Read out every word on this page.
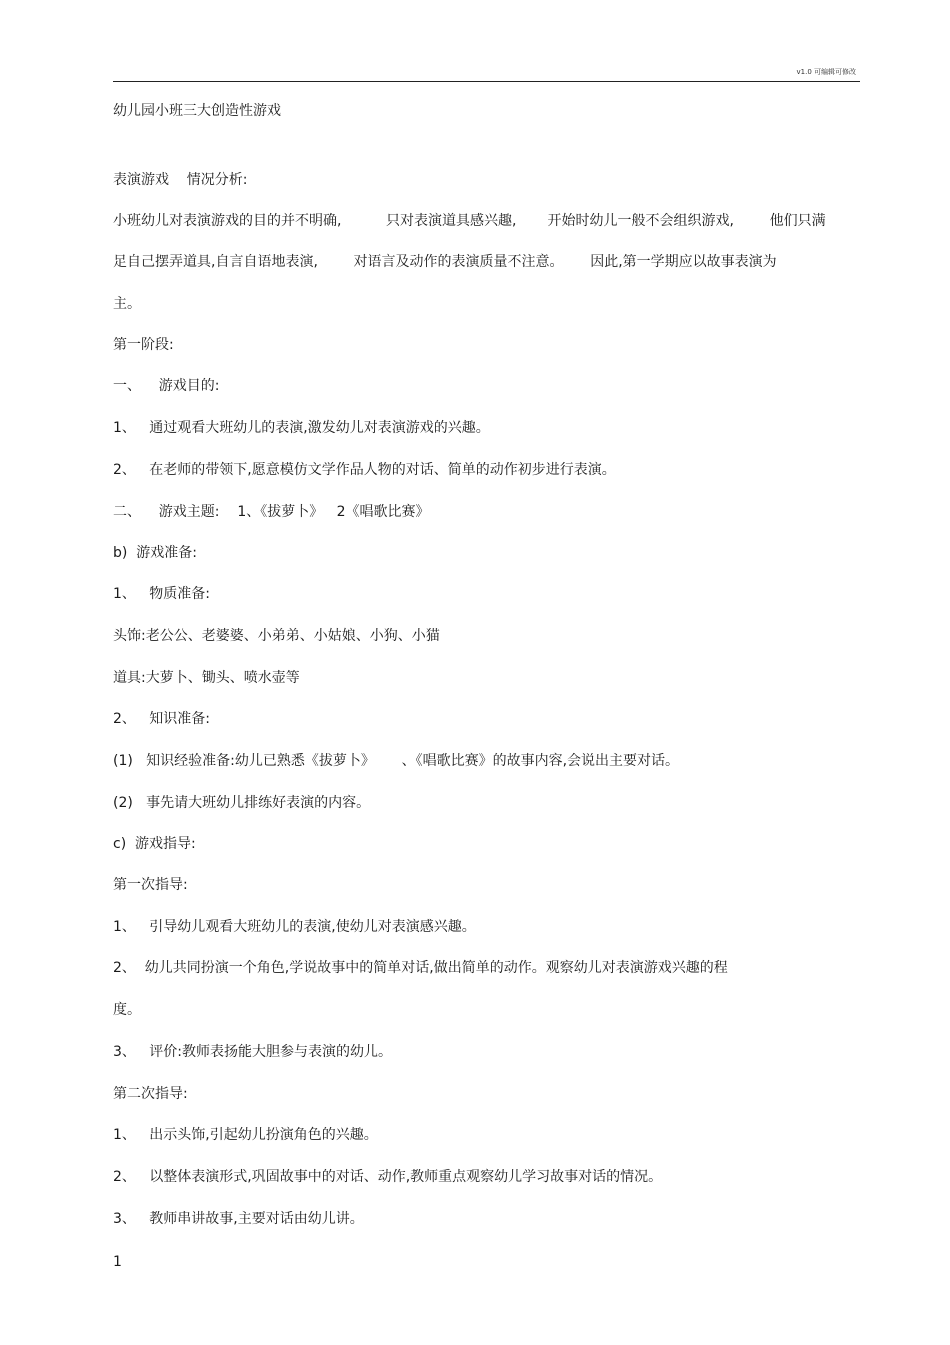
v1.0 可编辑可修改
幼儿园小班三大创造性游戏
表演游戏    情况分析:
小班幼儿对表演游戏的目的并不明确,          只对表演道具感兴趣,       开始时幼儿一般不会组织游戏,        他们只满
足自己摆弄道具,自言自语地表演,        对语言及动作的表演质量不注意。      因此,第一学期应以故事表演为
主。
第一阶段:
一、    游戏目的:
1、   通过观看大班幼儿的表演,激发幼儿对表演游戏的兴趣。
2、   在老师的带领下,愿意模仿文学作品人物的对话、简单的动作初步进行表演。
二、    游戏主题:    1、《拔萝卜》   2《唱歌比赛》
b)  游戏准备:
1、   物质准备:
头饰:老公公、老婆婆、小弟弟、小姑娘、小狗、小猫
道具:大萝卜、锄头、喷水壶等
2、   知识准备:
(1)   知识经验准备:幼儿已熟悉《拔萝卜》      、《唱歌比赛》的故事内容,会说出主要对话。
(2)   事先请大班幼儿排练好表演的内容。
c)  游戏指导:
第一次指导:
1、   引导幼儿观看大班幼儿的表演,使幼儿对表演感兴趣。
2、  幼儿共同扮演一个角色,学说故事中的简单对话,做出简单的动作。观察幼儿对表演游戏兴趣的程
度。
3、   评价:教师表扬能大胆参与表演的幼儿。
第二次指导:
1、   出示头饰,引起幼儿扮演角色的兴趣。
2、   以整体表演形式,巩固故事中的对话、动作,教师重点观察幼儿学习故事对话的情况。
3、   教师串讲故事,主要对话由幼儿讲。
1
